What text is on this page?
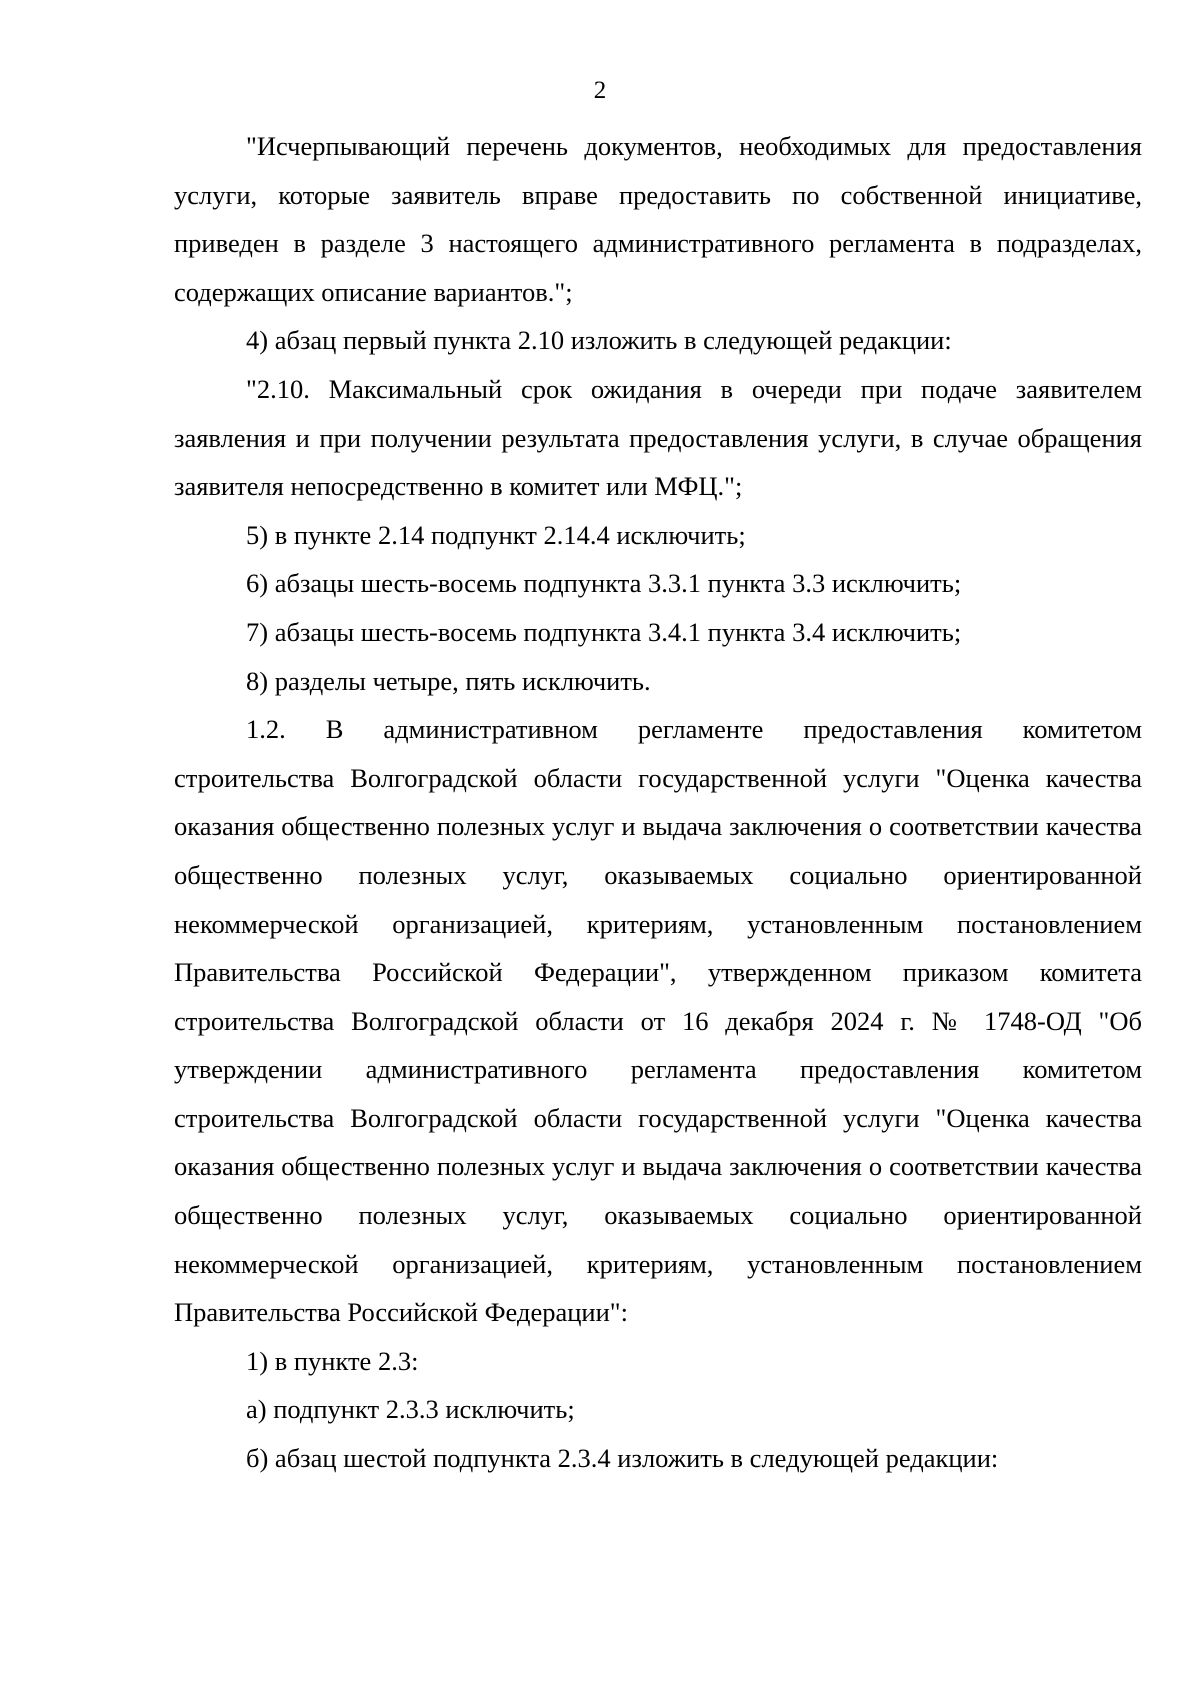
2

"Исчерпывающий перечень документов, необходимых для предоставления услуги, которые заявитель вправе предоставить по собственной инициативе, приведен в разделе 3 настоящего административного регламента в подразделах, содержащих описание вариантов.";

4) абзац первый пункта 2.10 изложить в следующей редакции:

"2.10. Максимальный срок ожидания в очереди при подаче заявителем заявления и при получении результата предоставления услуги, в случае обращения заявителя непосредственно в комитет или МФЦ.";

5) в пункте 2.14 подпункт 2.14.4 исключить;

6) абзацы шесть-восемь подпункта 3.3.1 пункта 3.3 исключить;

7) абзацы шесть-восемь подпункта 3.4.1 пункта 3.4 исключить;

8) разделы четыре, пять исключить.

1.2. В административном регламенте предоставления комитетом строительства Волгоградской области государственной услуги "Оценка качества оказания общественно полезных услуг и выдача заключения о соответствии качества общественно полезных услуг, оказываемых социально ориентированной некоммерческой организацией, критериям, установленным постановлением Правительства Российской Федерации", утвержденном приказом комитета строительства Волгоградской области от 16 декабря 2024 г. № 1748-ОД "Об утверждении административного регламента предоставления комитетом строительства Волгоградской области государственной услуги "Оценка качества оказания общественно полезных услуг и выдача заключения о соответствии качества общественно полезных услуг, оказываемых социально ориентированной некоммерческой организацией, критериям, установленным постановлением Правительства Российской Федерации":

1) в пункте 2.3:

а) подпункт 2.3.3 исключить;

б) абзац шестой подпункта 2.3.4 изложить в следующей редакции:
